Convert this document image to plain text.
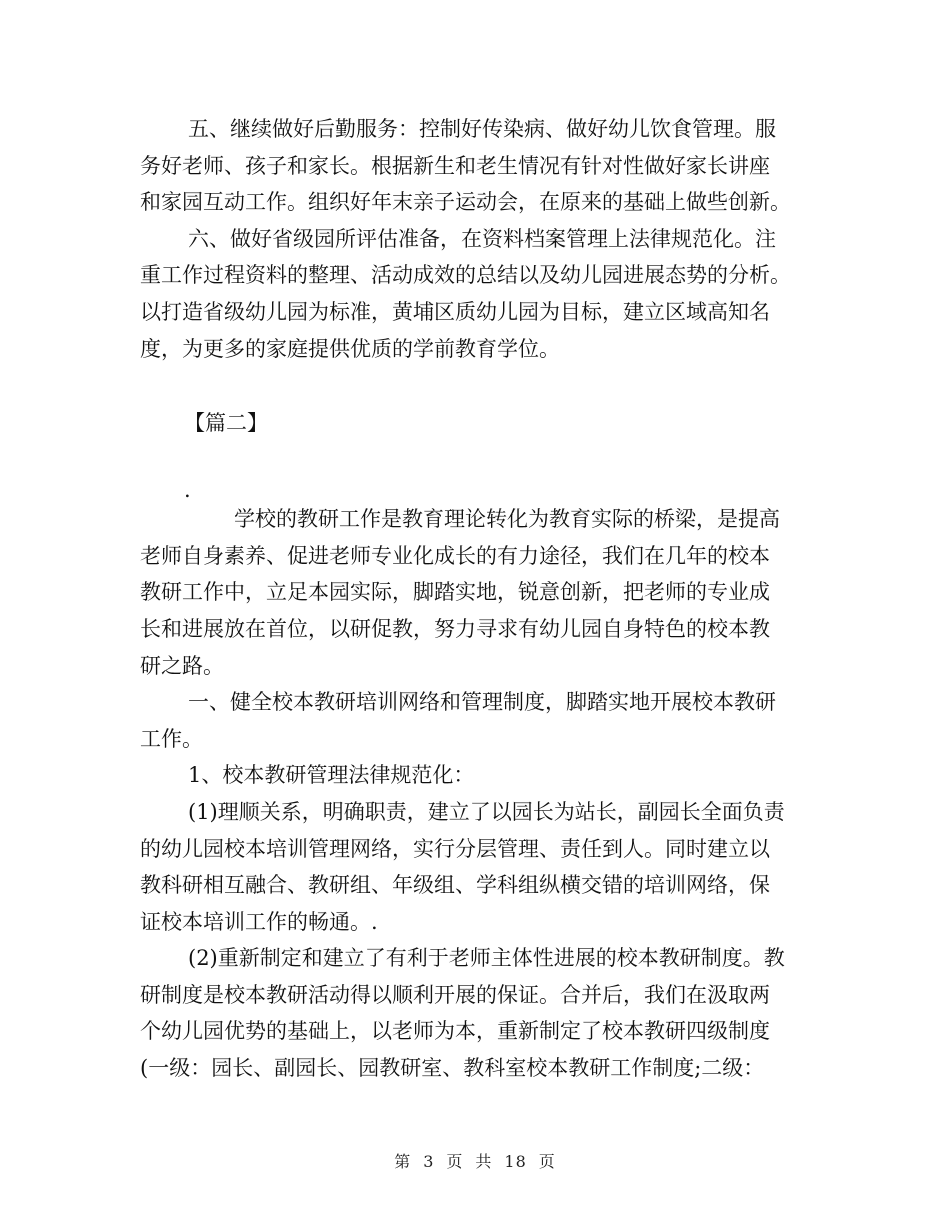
五、继续做好后勤服务：控制好传染病、做好幼儿饮食管理。服
务好老师、孩子和家长。根据新生和老生情况有针对性做好家长讲座
和家园互动工作。组织好年末亲子运动会，在原来的基础上做些创新。
六、做好省级园所评估准备，在资料档案管理上法律规范化。注
重工作过程资料的整理、活动成效的总结以及幼儿园进展态势的分析。
以打造省级幼儿园为标准，黄埔区质幼儿园为目标，建立区域高知名
度，为更多的家庭提供优质的学前教育学位。
【篇二】
.
学校的教研工作是教育理论转化为教育实际的桥梁，是提高
老师自身素养、促进老师专业化成长的有力途径，我们在几年的校本
教研工作中，立足本园实际，脚踏实地，锐意创新，把老师的专业成
长和进展放在首位，以研促教，努力寻求有幼儿园自身特色的校本教
研之路。
一、健全校本教研培训网络和管理制度，脚踏实地开展校本教研
工作。
1、校本教研管理法律规范化：
(1)理顺关系，明确职责，建立了以园长为站长，副园长全面负责
的幼儿园校本培训管理网络，实行分层管理、责任到人。同时建立以
教科研相互融合、教研组、年级组、学科组纵横交错的培训网络，保
证校本培训工作的畅通。.
(2)重新制定和建立了有利于老师主体性进展的校本教研制度。教
研制度是校本教研活动得以顺利开展的保证。合并后，我们在汲取两
个幼儿园优势的基础上，以老师为本，重新制定了校本教研四级制度
(一级：园长、副园长、园教研室、教科室校本教研工作制度;二级：
第 3 页 共 18 页
